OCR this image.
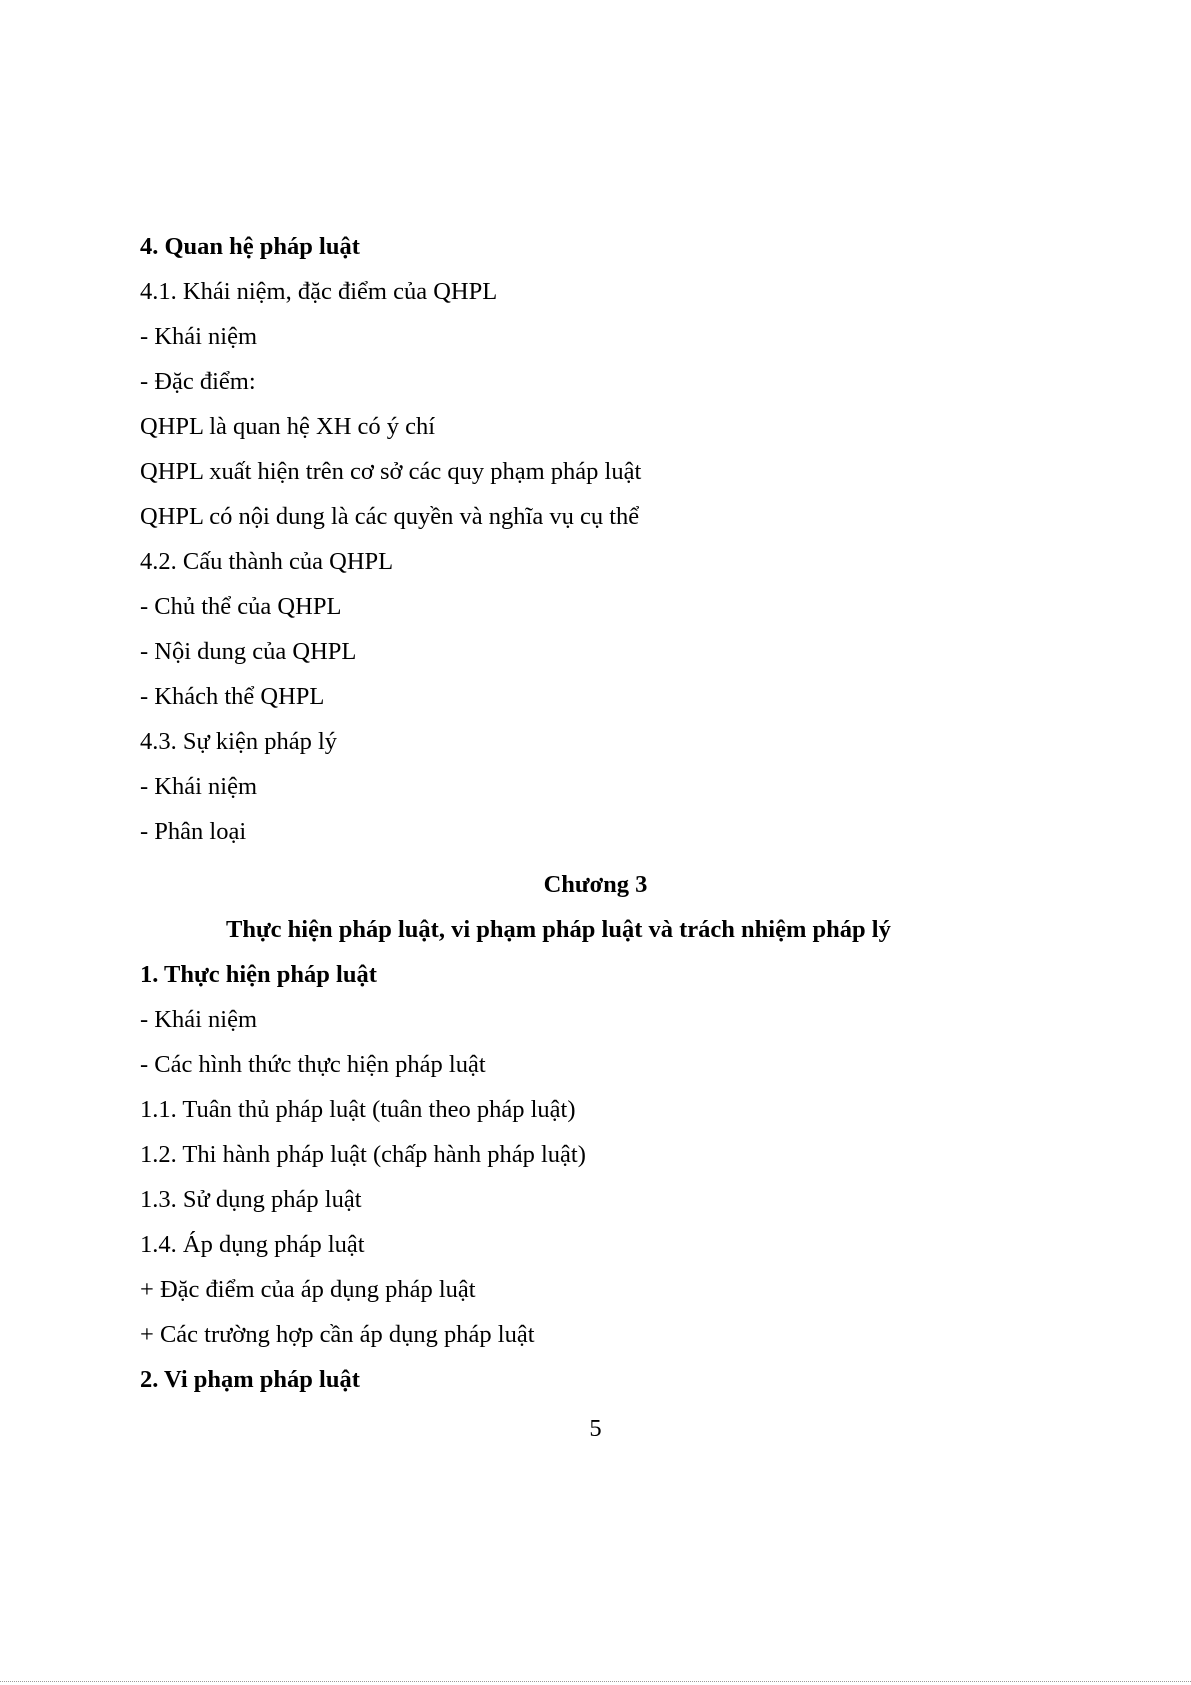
4. Quan hệ pháp luật
4.1. Khái niệm, đặc điểm của QHPL
- Khái niệm
- Đặc điểm:
QHPL là quan hệ XH có ý chí
QHPL xuất hiện trên cơ sở các quy phạm pháp luật
QHPL có nội dung là các quyền và nghĩa vụ cụ thể
4.2. Cấu thành của QHPL
- Chủ thể của QHPL
- Nội dung của QHPL
- Khách thể QHPL
4.3. Sự kiện pháp lý
- Khái niệm
- Phân loại
Chương 3
Thực hiện pháp luật, vi phạm pháp luật và trách nhiệm pháp lý
1. Thực hiện pháp luật
- Khái niệm
- Các hình thức thực hiện pháp luật
1.1. Tuân thủ pháp luật (tuân theo pháp luật)
1.2. Thi hành pháp luật (chấp hành pháp luật)
1.3. Sử dụng pháp luật
1.4. Áp dụng pháp luật
+ Đặc điểm của áp dụng pháp luật
+ Các trường hợp cần áp dụng pháp luật
2. Vi phạm pháp luật
5
